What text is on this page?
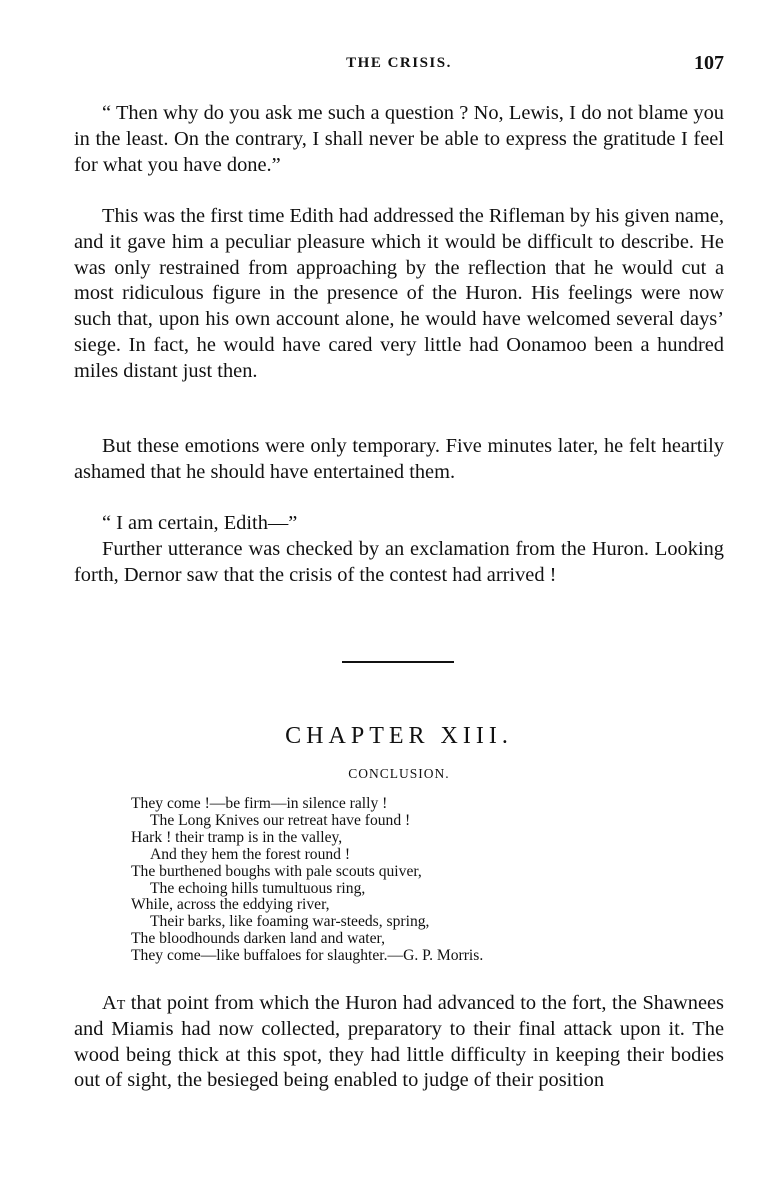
THE CRISIS.	107

“ Then why do you ask me such a question ? No, Lewis, I do not blame you in the least. On the contrary, I shall never be able to express the gratitude I feel for what you have done.”

This was the first time Edith had addressed the Rifleman by his given name, and it gave him a peculiar pleasure which it would be difficult to describe. He was only restrained from approaching by the reflection that he would cut a most ridiculous figure in the presence of the Huron. His feelings were now such that, upon his own account alone, he would have welcomed several days’ siege. In fact, he would have cared very little had Oonamoo been a hundred miles distant just then.

But these emotions were only temporary. Five minutes later, he felt heartily ashamed that he should have entertained them.

“ I am certain, Edith—”

Further utterance was checked by an exclamation from the Huron. Looking forth, Dernor saw that the crisis of the contest had arrived !

CHAPTER XIII.
CONCLUSION.
They come !—be firm—in silence rally !
The Long Knives our retreat have found !
Hark ! their tramp is in the valley,
And they hem the forest round !
The burthened boughs with pale scouts quiver,
The echoing hills tumultuous ring,
While, across the eddying river,
Their barks, like foaming war-steeds, spring,
The bloodhounds darken land and water,
They come—like buffaloes for slaughter.—G. P. Morris.

At that point from which the Huron had advanced to the fort, the Shawnees and Miamis had now collected, preparatory to their final attack upon it. The wood being thick at this spot, they had little difficulty in keeping their bodies out of sight, the besieged being enabled to judge of their position
